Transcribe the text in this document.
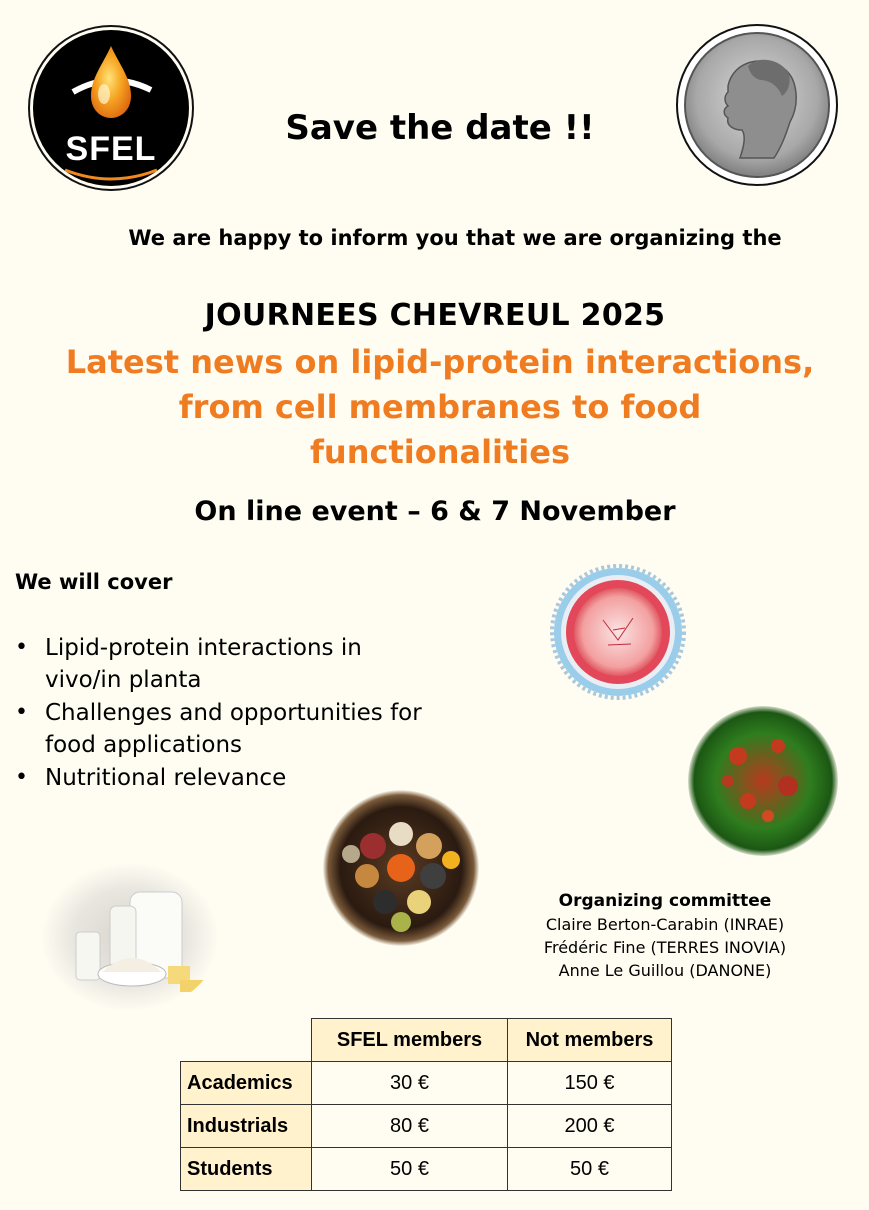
SFEL
Save the date !!
We are happy to inform you that we are organizing the
JOURNEES CHEVREUL 2025
Latest news on lipid-protein interactions,
from cell membranes to food
functionalities
On line event – 6 & 7 November
We will cover
• Lipid-protein interactions in vivo/in planta
• Challenges and opportunities for food applications
• Nutritional relevance
Organizing committee
Claire Berton-Carabin (INRAE)
Frédéric Fine (TERRES INOVIA)
Anne Le Guillou (DANONE)
	SFEL members	Not members
Academics	30 €	150 €
Industrials	80 €	200 €
Students	50 €	50 €
